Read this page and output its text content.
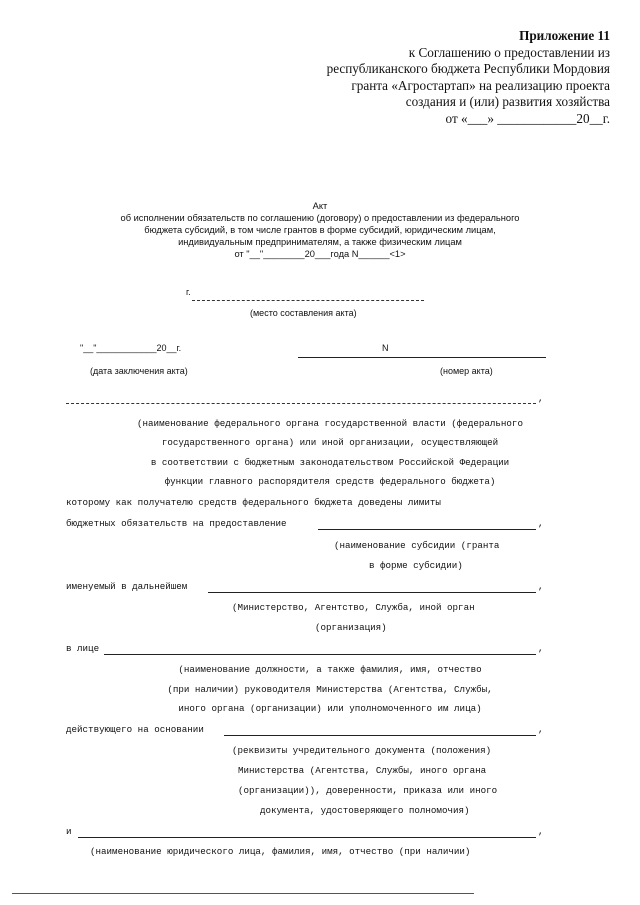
Приложение 11
к Соглашению о предоставлении из
республиканского бюджета Республики Мордовия
гранта «Агростартап» на реализацию проекта
создания и (или) развития хозяйства
от «___» ____________20__г.
Акт
об исполнении обязательств по соглашению (договору) о предоставлении из федерального
бюджета субсидий, в том числе грантов в форме субсидий, юридическим лицам,
индивидуальным предпринимателям, а также физическим лицам
от "__"________20___года N______<1>
г.
(место составления акта)
"__"____________20__г.
(дата заключения акта)
N
(номер акта)
,
(наименование федерального органа государственной власти (федерального
государственного органа) или иной организации, осуществляющей
в соответствии с бюджетным законодательством Российской Федерации
функции главного распорядителя средств федерального бюджета)
которому как получателю средств федерального бюджета доведены лимиты
бюджетных обязательств на предоставление	,
(наименование субсидии (гранта
в форме субсидии)
именуемый в дальнейшем	,
(Министерство, Агентство, Служба, иной орган
(организация)
в лице	,
(наименование должности, а также фамилия, имя, отчество
(при наличии) руководителя Министерства (Агентства, Службы,
иного органа (организации) или уполномоченного им лица)
действующего на основании	,
(реквизиты учредительного документа (положения)
Министерства (Агентства, Службы, иного органа
(организации)), доверенности, приказа или иного
документа, удостоверяющего полномочия)
и	,
(наименование юридического лица, фамилия, имя, отчество (при наличии)
